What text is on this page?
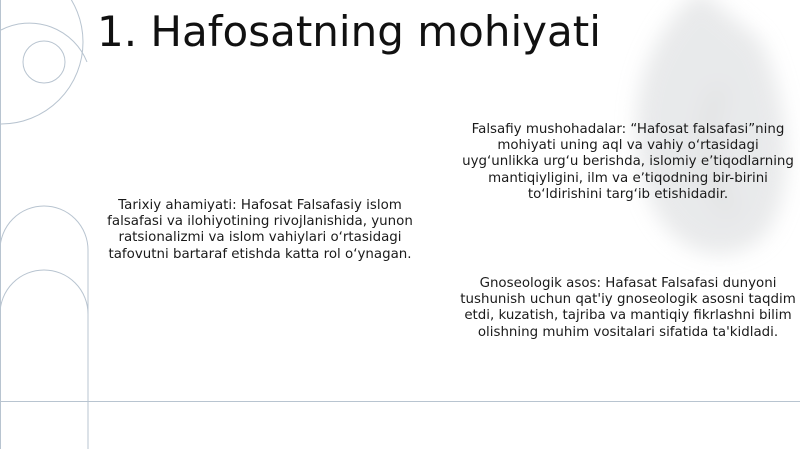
1. Hafosatning mohiyati

Tarixiy ahamiyati: Hafosat Falsafasiy islom falsafasi va ilohiyotining rivojlanishida, yunon ratsionalizmi va islom vahiylari oʻrtasidagi tafovutni bartaraf etishda katta rol oʻynagan.

Falsafiy mushohadalar: “Hafosat falsafasi”ning mohiyati uning aql va vahiy oʻrtasidagi uygʻunlikka urgʻu berishda, islomiy eʼtiqodlarning mantiqiyligini, ilm va eʼtiqodning bir-birini toʻldirishini targʻib etishidadir.

Gnoseologik asos: Hafasat Falsafasi dunyoni tushunish uchun qat'iy gnoseologik asosni taqdim etdi, kuzatish, tajriba va mantiqiy fikrlashni bilim olishning muhim vositalari sifatida ta'kidladi.
